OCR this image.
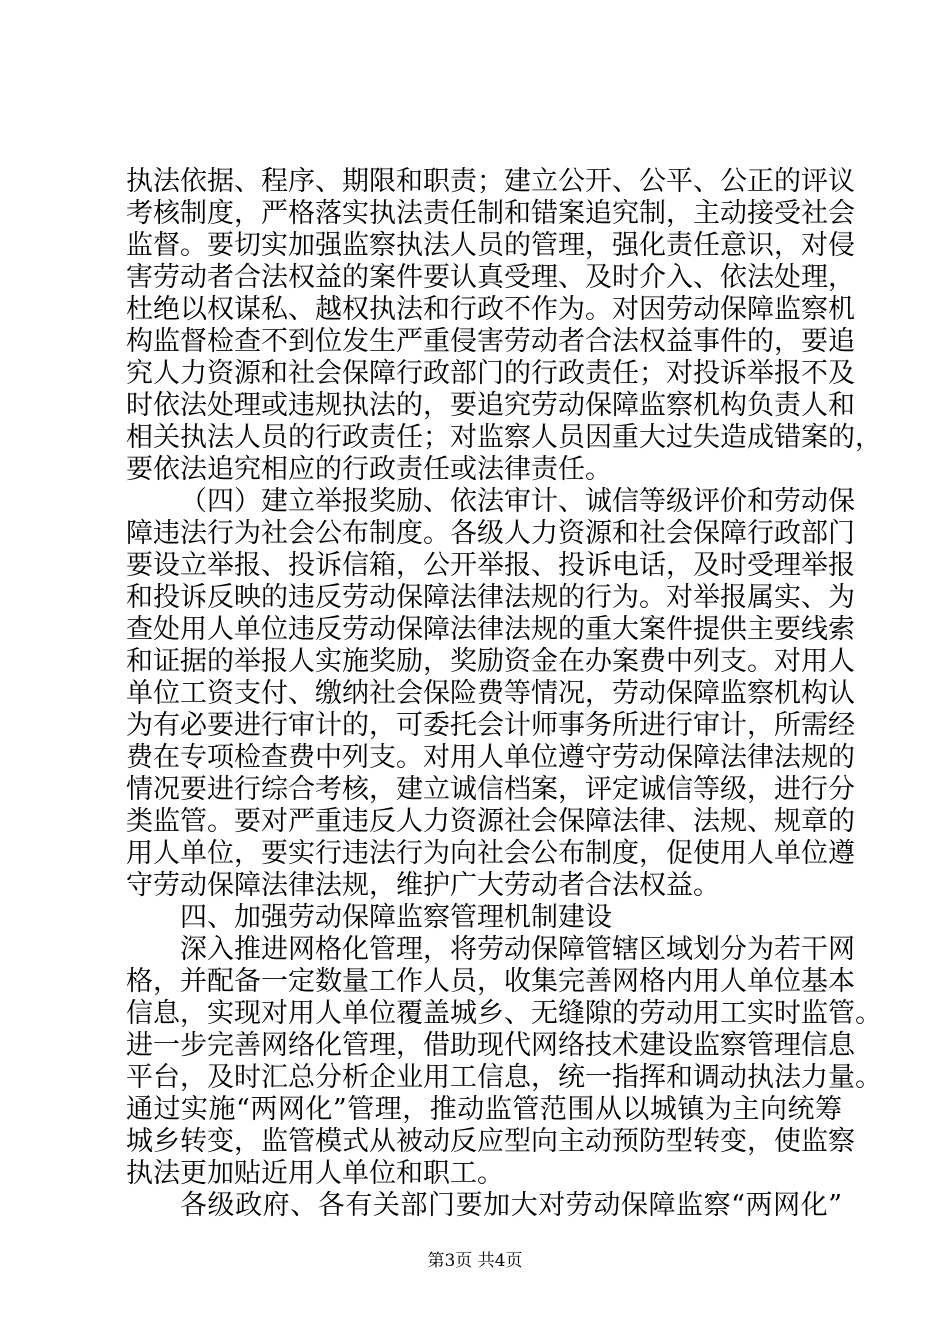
执法依据、程序、期限和职责；建立公开、公平、公正的评议
考核制度，严格落实执法责任制和错案追究制，主动接受社会
监督。要切实加强监察执法人员的管理，强化责任意识，对侵
害劳动者合法权益的案件要认真受理、及时介入、依法处理，
杜绝以权谋私、越权执法和行政不作为。对因劳动保障监察机
构监督检查不到位发生严重侵害劳动者合法权益事件的，要追
究人力资源和社会保障行政部门的行政责任；对投诉举报不及
时依法处理或违规执法的，要追究劳动保障监察机构负责人和
相关执法人员的行政责任；对监察人员因重大过失造成错案的，
要依法追究相应的行政责任或法律责任。
（四）建立举报奖励、依法审计、诚信等级评价和劳动保
障违法行为社会公布制度。各级人力资源和社会保障行政部门
要设立举报、投诉信箱，公开举报、投诉电话，及时受理举报
和投诉反映的违反劳动保障法律法规的行为。对举报属实、为
查处用人单位违反劳动保障法律法规的重大案件提供主要线索
和证据的举报人实施奖励，奖励资金在办案费中列支。对用人
单位工资支付、缴纳社会保险费等情况，劳动保障监察机构认
为有必要进行审计的，可委托会计师事务所进行审计，所需经
费在专项检查费中列支。对用人单位遵守劳动保障法律法规的
情况要进行综合考核，建立诚信档案，评定诚信等级，进行分
类监管。要对严重违反人力资源社会保障法律、法规、规章的
用人单位，要实行违法行为向社会公布制度，促使用人单位遵
守劳动保障法律法规，维护广大劳动者合法权益。
四、加强劳动保障监察管理机制建设
深入推进网格化管理，将劳动保障管辖区域划分为若干网
格，并配备一定数量工作人员，收集完善网格内用人单位基本
信息，实现对用人单位覆盖城乡、无缝隙的劳动用工实时监管。
进一步完善网络化管理，借助现代网络技术建设监察管理信息
平台，及时汇总分析企业用工信息，统一指挥和调动执法力量。
通过实施“两网化”管理，推动监管范围从以城镇为主向统筹
城乡转变，监管模式从被动反应型向主动预防型转变，使监察
执法更加贴近用人单位和职工。
各级政府、各有关部门要加大对劳动保障监察“两网化”
第3页 共4页
